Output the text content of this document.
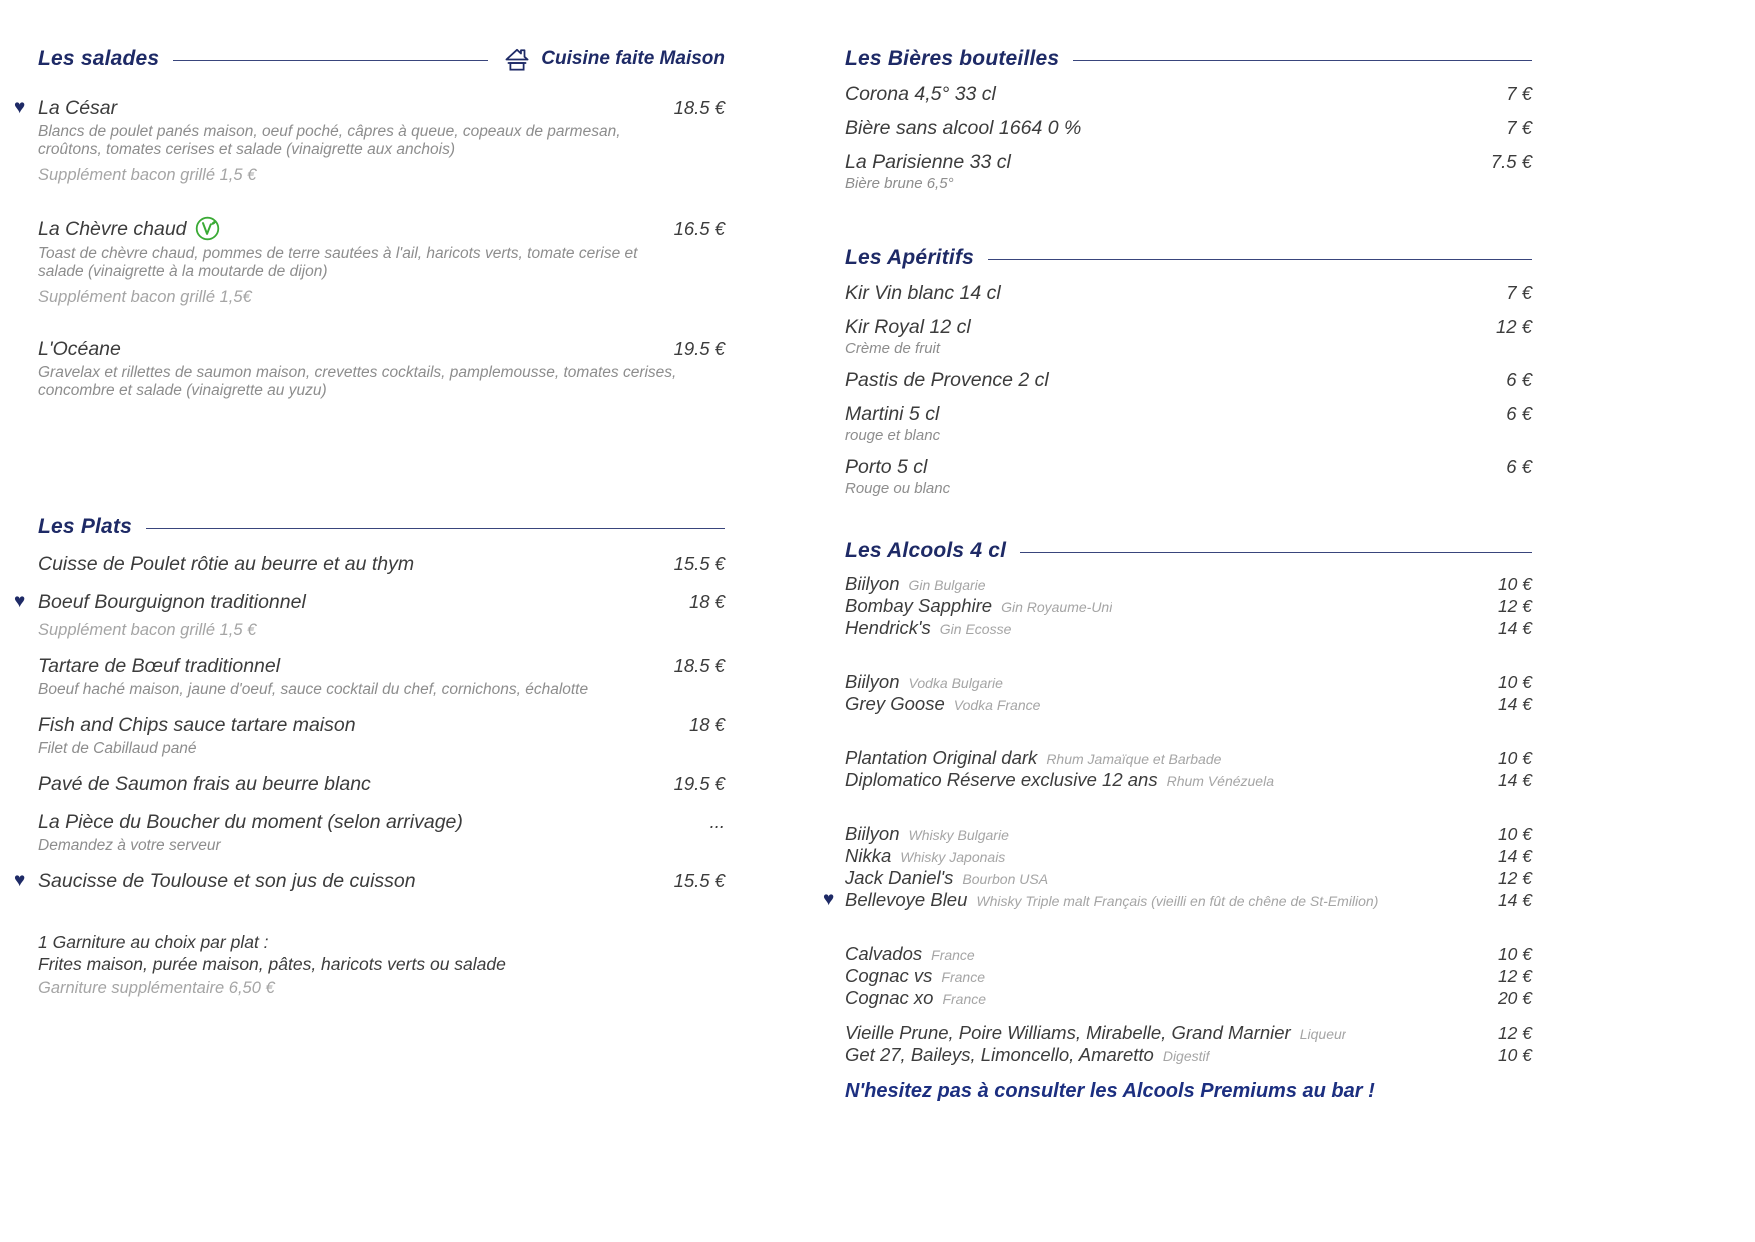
Les salades	Cuisine faite Maison
♥
La César	18.5 €
Blancs de poulet panés maison, oeuf poché, câpres à queue, copeaux de parmesan, croûtons, tomates cerises et salade (vinaigrette aux anchois)
Supplément bacon grillé 1,5 €
La Chèvre chaud	16.5 €
Toast de chèvre chaud, pommes de terre sautées à l'ail, haricots verts, tomate cerise et salade (vinaigrette à la moutarde de dijon)
Supplément bacon grillé 1,5€
L'Océane	19.5 €
Gravelax et rillettes de saumon maison, crevettes cocktails, pamplemousse, tomates cerises, concombre et salade (vinaigrette au yuzu)
Les Plats
Cuisse de Poulet rôtie au beurre et au thym	15.5 €
♥
Boeuf Bourguignon traditionnel	18 €
Supplément bacon grillé 1,5 €
Tartare de Bœuf traditionnel	18.5 €
Boeuf haché maison, jaune d'oeuf, sauce cocktail du chef, cornichons, échalotte
Fish and Chips sauce tartare maison	18 €
Filet de Cabillaud pané
Pavé de Saumon frais au beurre blanc	19.5 €
La Pièce du Boucher du moment (selon arrivage)	...
Demandez à votre serveur
♥
Saucisse de Toulouse et son jus de cuisson	15.5 €
1 Garniture au choix par plat :
Frites maison, purée maison, pâtes, haricots verts ou salade
Garniture supplémentaire 6,50 €
Les Bières bouteilles
Corona 4,5° 33 cl	7 €
Bière sans alcool 1664 0 %	7 €
La Parisienne 33 cl	7.5 €
Bière brune 6,5°
Les Apéritifs
Kir Vin blanc 14 cl	7 €
Kir Royal 12 cl	12 €
Crème de fruit
Pastis de Provence 2 cl	6 €
Martini 5 cl	6 €
rouge et blanc
Porto 5 cl	6 €
Rouge ou blanc
Les Alcools 4 cl
Biilyon Gin Bulgarie	10 €
Bombay Sapphire Gin Royaume-Uni	12 €
Hendrick's Gin Ecosse	14 €
Biilyon Vodka Bulgarie	10 €
Grey Goose Vodka France	14 €
Plantation Original dark Rhum Jamaïque et Barbade	10 €
Diplomatico Réserve exclusive 12 ans Rhum Vénézuela	14 €
Biilyon Whisky Bulgarie	10 €
Nikka Whisky Japonais	14 €
Jack Daniel's Bourbon USA	12 €
♥
Bellevoye Bleu Whisky Triple malt Français (vieilli en fût de chêne de St-Emilion)	14 €
Calvados France	10 €
Cognac vs France	12 €
Cognac xo France	20 €
Vieille Prune, Poire Williams, Mirabelle, Grand Marnier Liqueur	12 €
Get 27, Baileys, Limoncello, Amaretto Digestif	10 €
N'hesitez pas à consulter les Alcools Premiums au bar !
